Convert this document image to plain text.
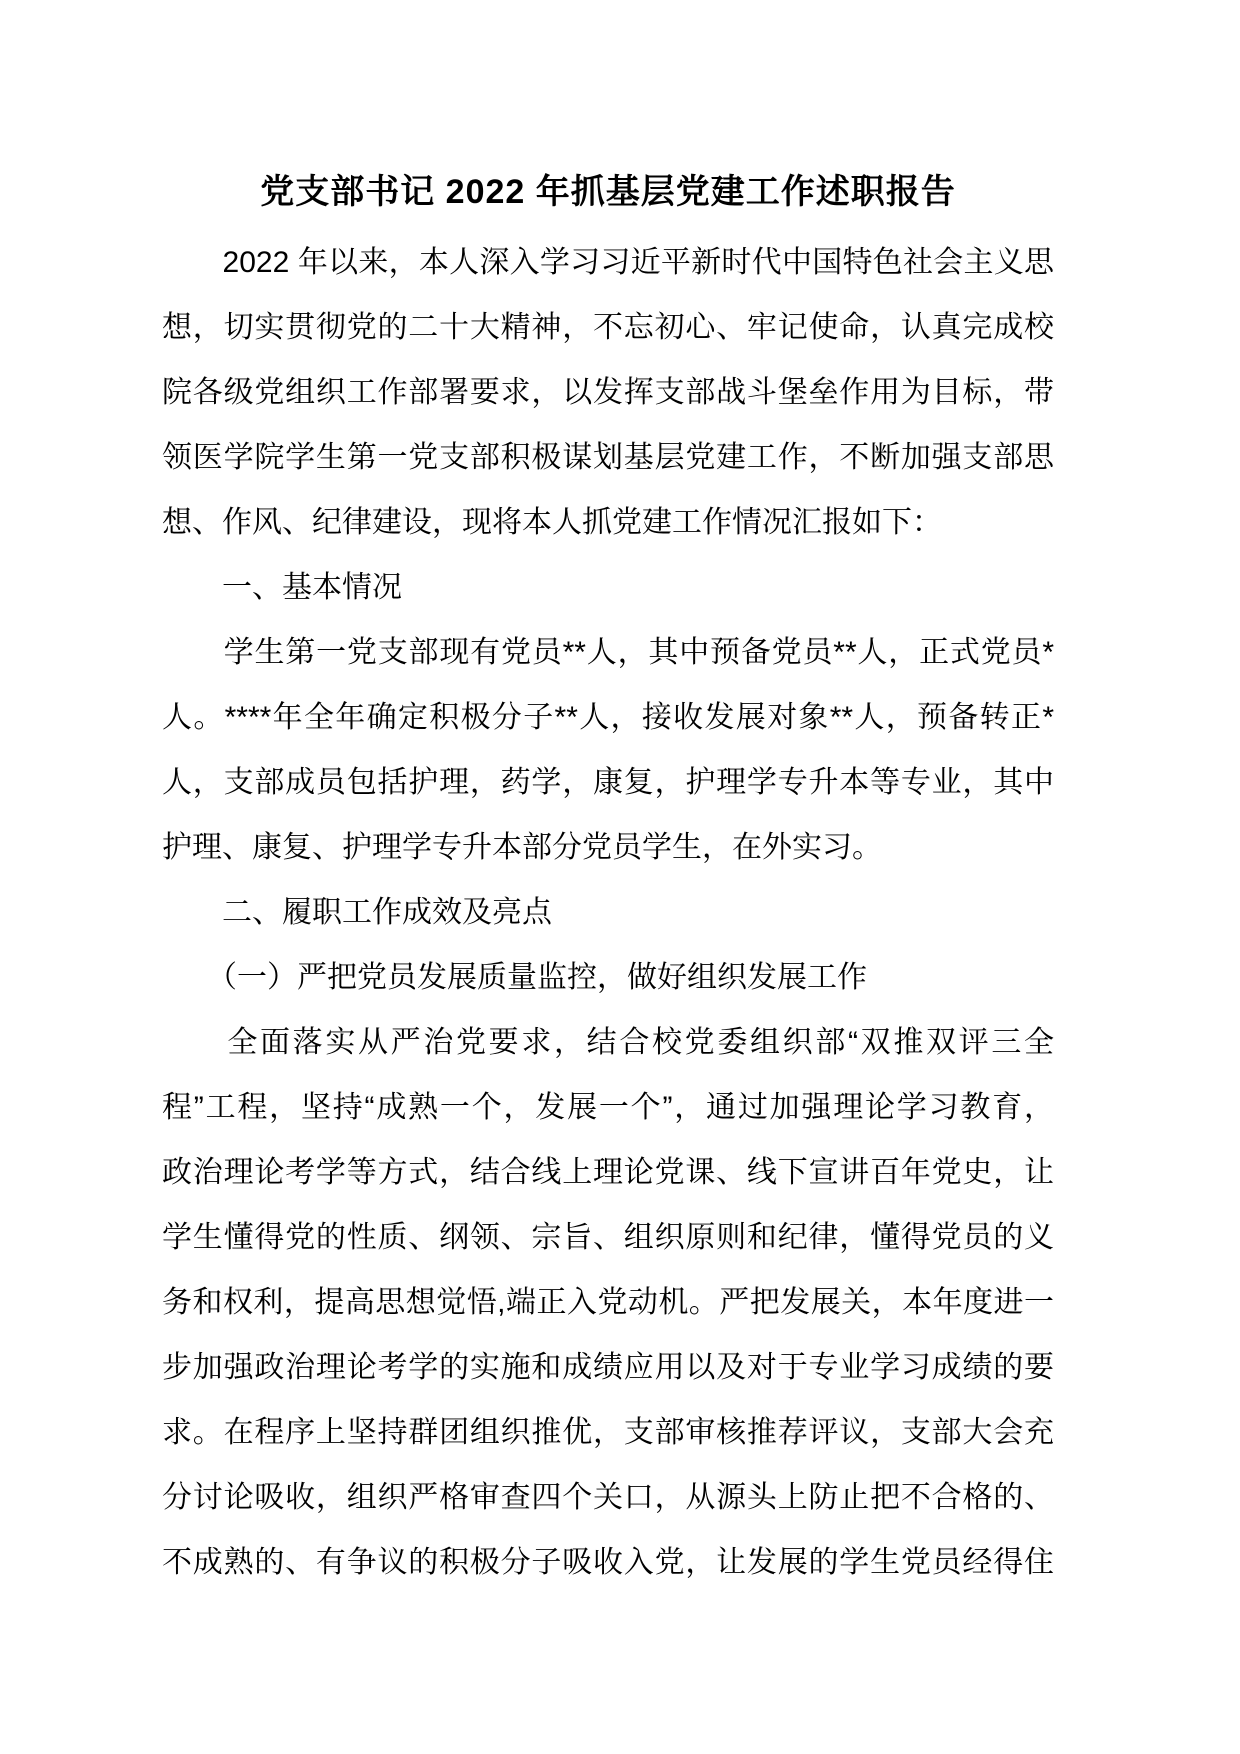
党支部书记 2022 年抓基层党建工作述职报告
　　2022 年以来，本人深入学习习近平新时代中国特色社会主义思
想，切实贯彻党的二十大精神，不忘初心、牢记使命，认真完成校
院各级党组织工作部署要求，以发挥支部战斗堡垒作用为目标，带
领医学院学生第一党支部积极谋划基层党建工作，不断加强支部思
想、作风、纪律建设，现将本人抓党建工作情况汇报如下：
　　一、基本情况
　　学生第一党支部现有党员**人，其中预备党员**人，正式党员*
人。****年全年确定积极分子**人，接收发展对象**人，预备转正*
人，支部成员包括护理，药学，康复，护理学专升本等专业，其中
护理、康复、护理学专升本部分党员学生，在外实习。
　　二、履职工作成效及亮点
　　（一）严把党员发展质量监控，做好组织发展工作
　　全面落实从严治党要求，结合校党委组织部“双推双评三全
程”工程，坚持“成熟一个，发展一个”，通过加强理论学习教育，
政治理论考学等方式，结合线上理论党课、线下宣讲百年党史，让
学生懂得党的性质、纲领、宗旨、组织原则和纪律，懂得党员的义
务和权利，提高思想觉悟,端正入党动机。严把发展关，本年度进一
步加强政治理论考学的实施和成绩应用以及对于专业学习成绩的要
求。在程序上坚持群团组织推优，支部审核推荐评议，支部大会充
分讨论吸收，组织严格审查四个关口，从源头上防止把不合格的、
不成熟的、有争议的积极分子吸收入党，让发展的学生党员经得住
